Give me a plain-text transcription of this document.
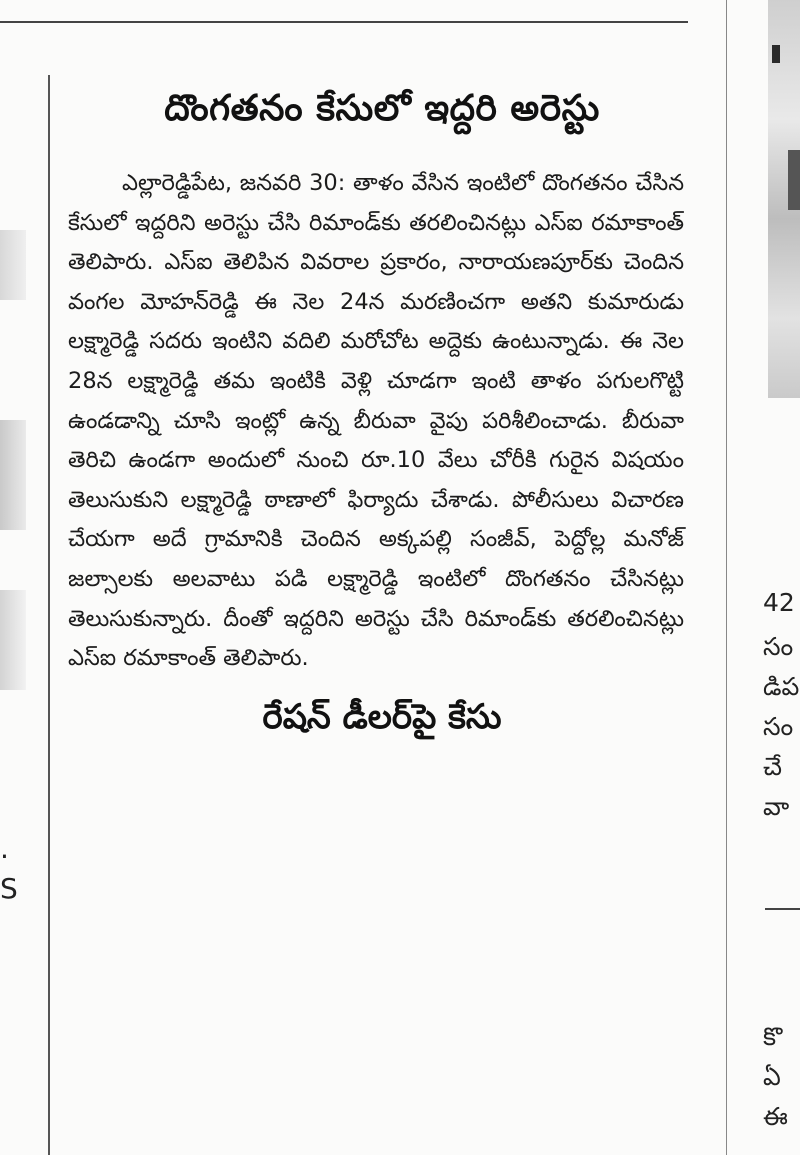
.
S
దొంగతనం కేసులో ఇద్దరి అరెస్టు

ఎల్లారెడ్డిపేట, జనవరి 30: తాళం వేసిన ఇంటిలో దొంగతనం చేసిన కేసులో ఇద్దరిని అరెస్టు చేసి రిమాండ్‌కు తరలించినట్లు ఎస్‌ఐ రమాకాంత్ తెలిపారు. ఎస్‌ఐ తెలిపిన వివరాల ప్రకారం, నారాయణపూర్‌కు చెందిన వంగల మోహన్‌రెడ్డి ఈ నెల 24న మరణించగా అతని కుమారుడు లక్ష్మారెడ్డి సదరు ఇంటిని వదిలి మరోచోట అద్దెకు ఉంటున్నాడు. ఈ నెల 28న లక్ష్మారెడ్డి తమ ఇంటికి వెళ్లి చూడగా ఇంటి తాళం పగులగొట్టి ఉండడాన్ని చూసి ఇంట్లో ఉన్న బీరువా వైపు పరిశీలించాడు. బీరువా తెరిచి ఉండగా అందులో నుంచి రూ.10 వేలు చోరీకి గురైన విషయం తెలుసుకుని లక్ష్మారెడ్డి ఠాణాలో ఫిర్యాదు చేశాడు. పోలీసులు విచారణ చేయగా అదే గ్రామానికి చెందిన అక్కపల్లి సంజీవ్, పెద్దోల్ల మనోజ్ జల్సాలకు అలవాటు పడి లక్ష్మారెడ్డి ఇంటిలో దొంగతనం చేసినట్లు తెలుసుకున్నారు. దీంతో ఇద్దరిని అరెస్టు చేసి రిమాండ్‌కు తరలించినట్లు ఎస్‌ఐ రమాకాంత్ తెలిపారు.

రేషన్ డీలర్‌పై కేసు
42
సం
డిప
సం
చే
వా
కొ
ఏ
ఈ
